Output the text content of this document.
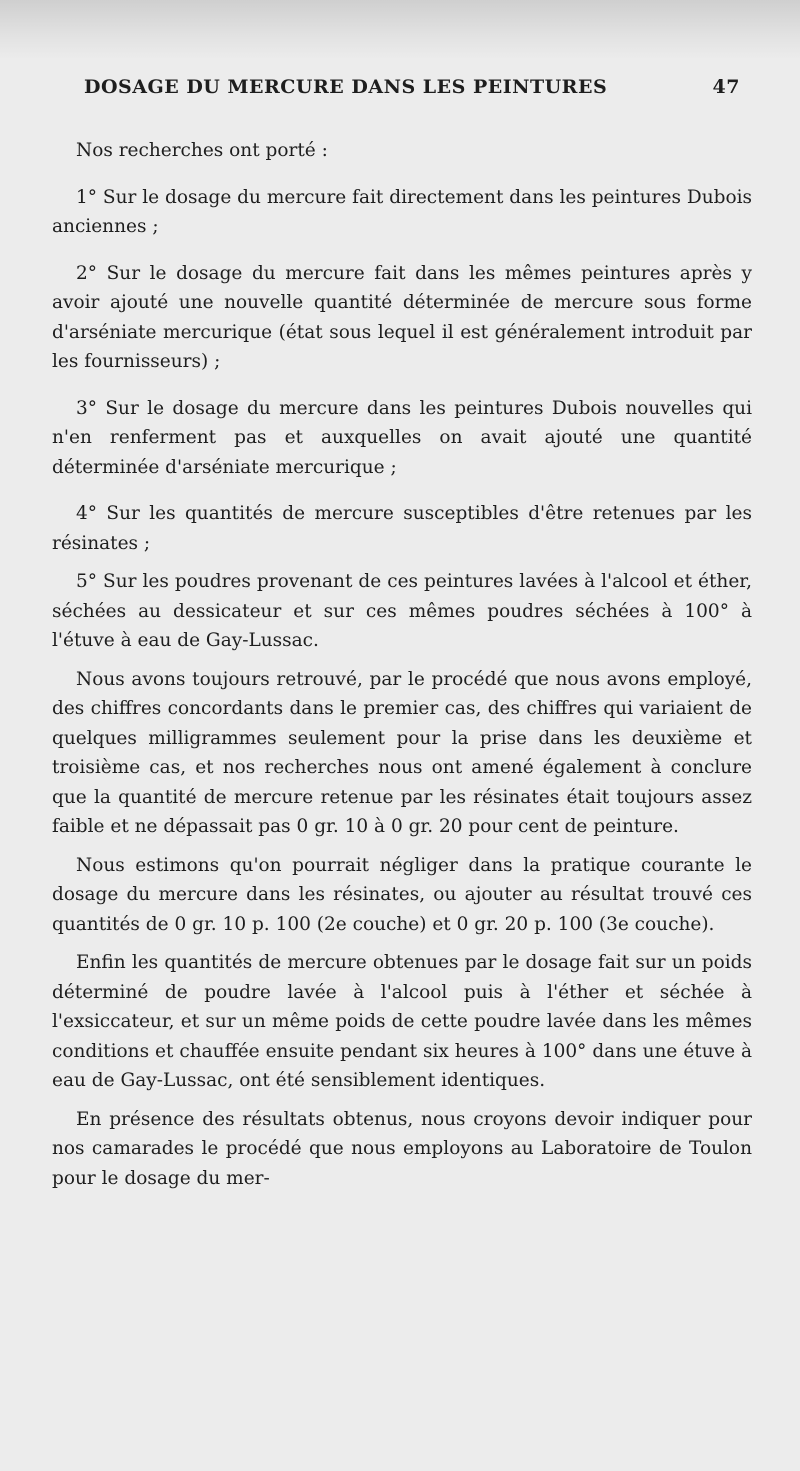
DOSAGE DU MERCURE DANS LES PEINTURES	47

Nos recherches ont porté :

1° Sur le dosage du mercure fait directement dans les peintures Dubois anciennes ;

2° Sur le dosage du mercure fait dans les mêmes peintures après y avoir ajouté une nouvelle quantité déterminée de mercure sous forme d'arséniate mercurique (état sous lequel il est généralement introduit par les fournisseurs) ;

3° Sur le dosage du mercure dans les peintures Dubois nouvelles qui n'en renferment pas et auxquelles on avait ajouté une quantité déterminée d'arséniate mercurique ;

4° Sur les quantités de mercure susceptibles d'être retenues par les résinates ;

5° Sur les poudres provenant de ces peintures lavées à l'alcool et éther, séchées au dessicateur et sur ces mêmes poudres séchées à 100° à l'étuve à eau de Gay-Lussac.

Nous avons toujours retrouvé, par le procédé que nous avons employé, des chiffres concordants dans le premier cas, des chiffres qui variaient de quelques milligrammes seulement pour la prise dans les deuxième et troisième cas, et nos recherches nous ont amené également à conclure que la quantité de mercure retenue par les résinates était toujours assez faible et ne dépassait pas 0 gr. 10 à 0 gr. 20 pour cent de peinture.

Nous estimons qu'on pourrait négliger dans la pratique courante le dosage du mercure dans les résinates, ou ajouter au résultat trouvé ces quantités de 0 gr. 10 p. 100 (2e couche) et 0 gr. 20 p. 100 (3e couche).

Enfin les quantités de mercure obtenues par le dosage fait sur un poids déterminé de poudre lavée à l'alcool puis à l'éther et séchée à l'exsiccateur, et sur un même poids de cette poudre lavée dans les mêmes conditions et chauffée ensuite pendant six heures à 100° dans une étuve à eau de Gay-Lussac, ont été sensiblement identiques.

En présence des résultats obtenus, nous croyons devoir indiquer pour nos camarades le procédé que nous employons au Laboratoire de Toulon pour le dosage du mer-
